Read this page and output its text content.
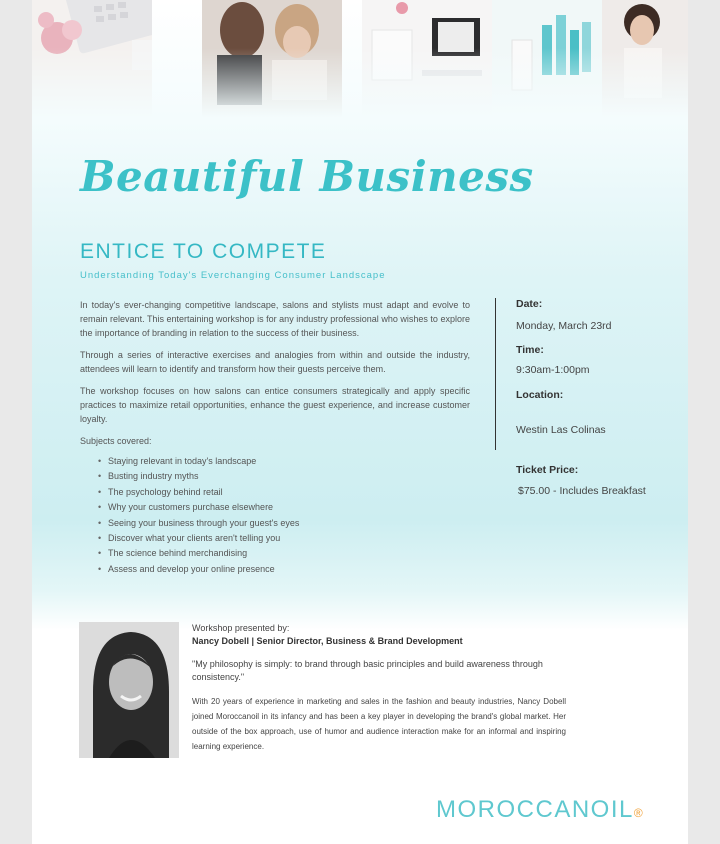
Beautiful Business
ENTICE TO COMPETE
Understanding Today's Everchanging Consumer Landscape

In today's ever-changing competitive landscape, salons and stylists must adapt and evolve to remain relevant. This entertaining workshop is for any industry professional who wishes to explore the importance of branding in relation to the success of their business.

Through a series of interactive exercises and analogies from within and outside the industry, attendees will learn to identify and transform how their guests perceive them.

The workshop focuses on how salons can entice consumers strategically and apply specific practices to maximize retail opportunities, enhance the guest experience, and increase customer loyalty.

Subjects covered:
• Staying relevant in today's landscape
• Busting industry myths
• The psychology behind retail
• Why your customers purchase elsewhere
• Seeing your business through your guest's eyes
• Discover what your clients aren't telling you
• The science behind merchandising
• Assess and develop your online presence
Date:
Monday, March 23rd
Time:
9:30am-1:00pm
Location:
Westin Las Colinas
Ticket Price:
$75.00 - Includes Breakfast

Workshop presented by:

Nancy Dobell | Senior Director, Business & Brand Development

"My philosophy is simply: to brand through basic principles and build awareness through consistency."

With 20 years of experience in marketing and sales in the fashion and beauty industries, Nancy Dobell joined Moroccanoil in its infancy and has been a key player in developing the brand's global market. Her outside of the box approach, use of humor and audience interaction make for an informal and inspiring learning experience.

MOROCCANOIL®
